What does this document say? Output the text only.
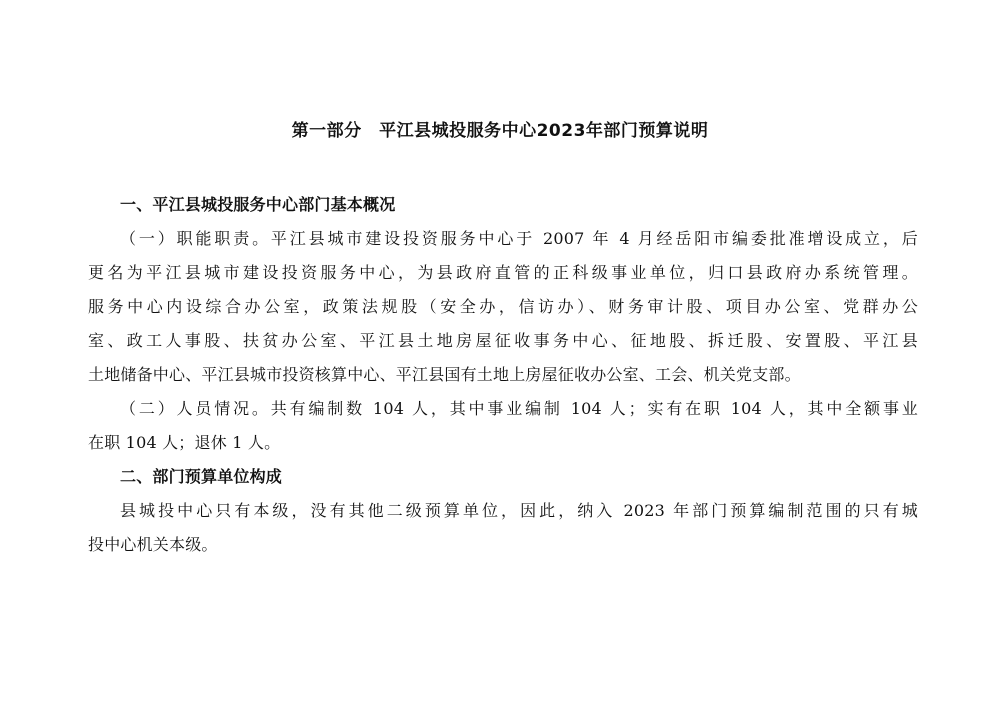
第一部分　平江县城投服务中心2023年部门预算说明
一、平江县城投服务中心部门基本概况
（一）职能职责。平江县城市建设投资服务中心于 2007 年 4 月经岳阳市编委批准增设成立，后
更名为平江县城市建设投资服务中心，为县政府直管的正科级事业单位，归口县政府办系统管理。
服务中心内设综合办公室，政策法规股（安全办，信访办）、财务审计股、项目办公室、党群办公
室、政工人事股、扶贫办公室、平江县土地房屋征收事务中心、征地股、拆迁股、安置股、平江县
土地储备中心、平江县城市投资核算中心、平江县国有土地上房屋征收办公室、工会、机关党支部。
（二）人员情况。共有编制数 104 人，其中事业编制 104 人；实有在职 104 人，其中全额事业
在职 104 人；退休 1 人。
二、部门预算单位构成
县城投中心只有本级，没有其他二级预算单位，因此，纳入 2023 年部门预算编制范围的只有城
投中心机关本级。
